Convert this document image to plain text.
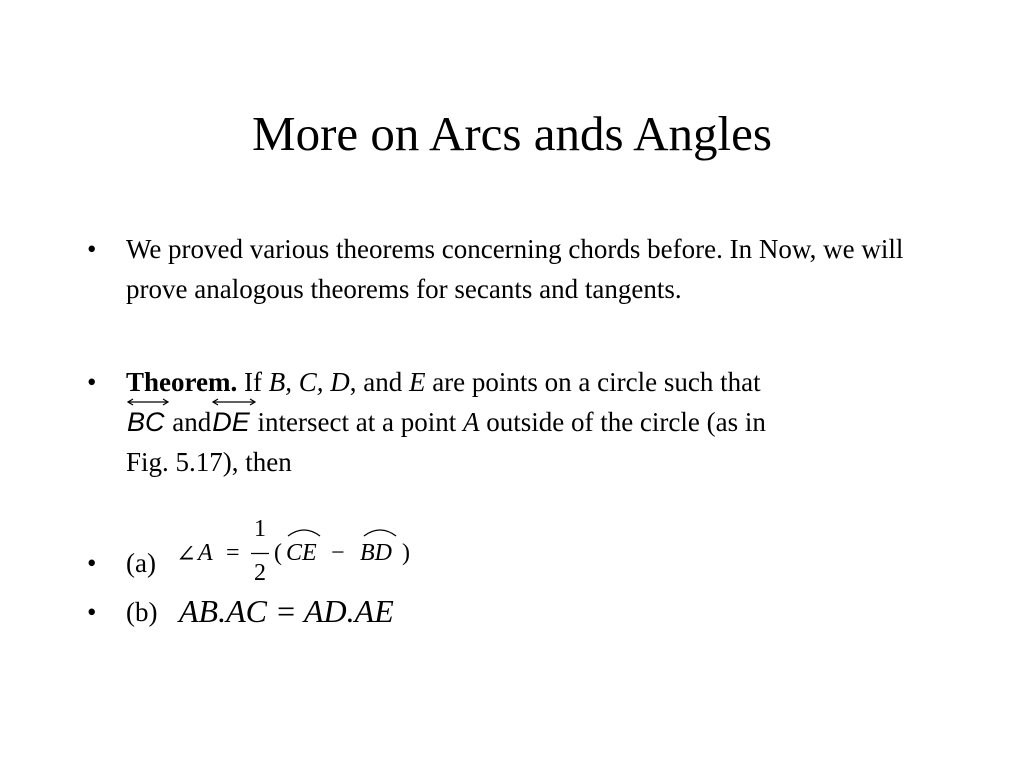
More on Arcs ands Angles
• We proved various theorems concerning chords before. In Now, we will prove analogous theorems for secants and tangents.
• Theorem. If B, C, D, and E are points on a circle such that
BC and
DE intersect at a point A outside of the circle (as in
Fig. 5.17), then
• (a) ∠ A =
1
2
( CE − BD )
• (b) AB.AC = AD.AE
